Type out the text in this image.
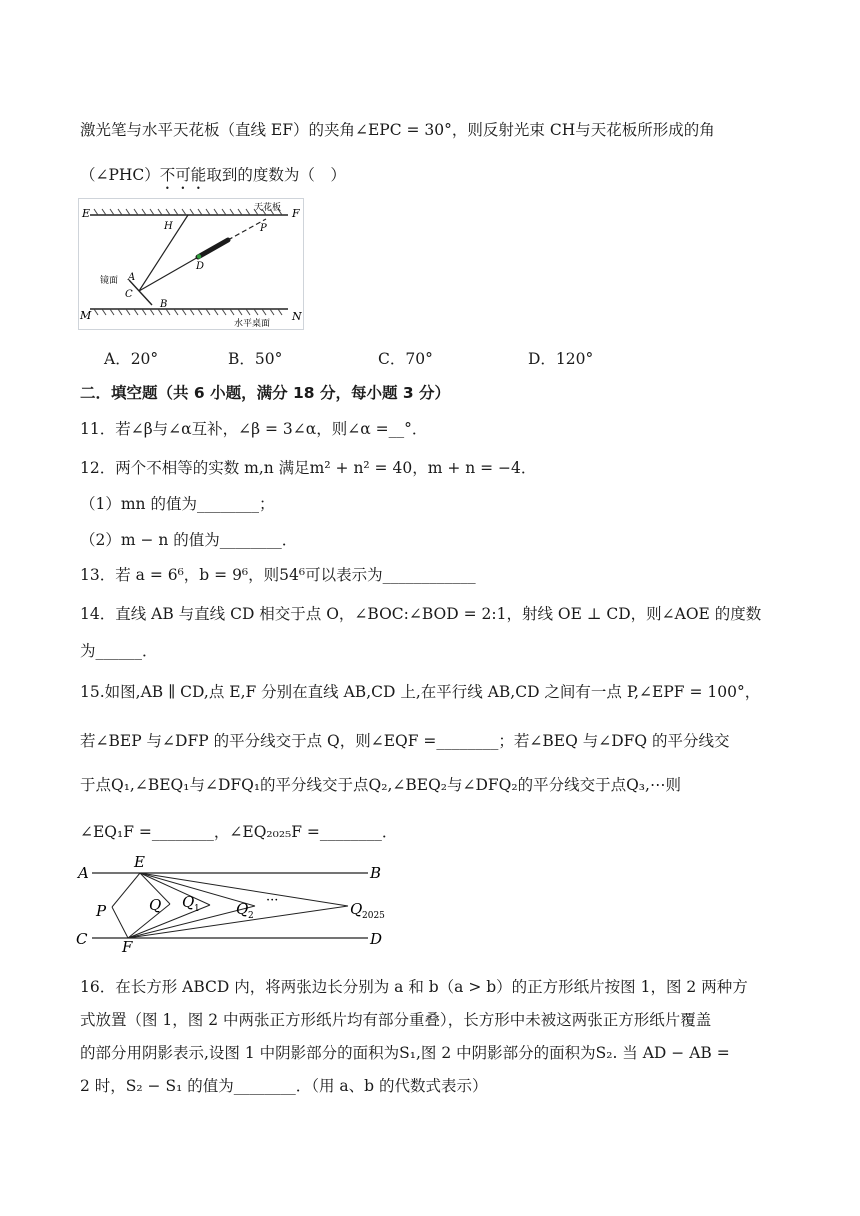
激光笔与水平天花板（直线 EF）的夹角∠EPC = 30°，则反射光束 CH与天花板所形成的角
（∠PHC）不可能取到的度数为（　）
E	F
天花板
H	P
D
镜面 A
C
B
M	N
水平桌面
A．20°	B．50°	C．70°	D．120°
二．填空题（共 6 小题，满分 18 分，每小题 3 分）
11．若∠β与∠α互补，∠β = 3∠α，则∠α =__°．
12．两个不相等的实数 m,n 满足m² + n² = 40，m + n = −4．
（1）mn 的值为________；
（2）m − n 的值为________．
13．若 a = 6⁶，b = 9⁶，则54⁶可以表示为____________
14．直线 AB 与直线 CD 相交于点 O，∠BOC:∠BOD = 2:1，射线 OE ⊥ CD，则∠AOE 的度数
为______．
15.如图,AB ∥ CD,点 E,F 分别在直线 AB,CD 上,在平行线 AB,CD 之间有一点 P,∠EPF = 100°，
若∠BEP 与∠DFP 的平分线交于点 Q，则∠EQF =________；若∠BEQ 与∠DFQ 的平分线交
于点Q₁,∠BEQ₁与∠DFQ₁的平分线交于点Q₂,∠BEQ₂与∠DFQ₂的平分线交于点Q₃,⋯则
∠EQ₁F =________，∠EQ₂₀₂₅F =________．
A	B
C	D
E
F
P	Q Q 1 Q 2
···	Q 2025
16．在长方形 ABCD 内，将两张边长分别为 a 和 b（a > b）的正方形纸片按图 1，图 2 两种方
式放置（图 1，图 2 中两张正方形纸片均有部分重叠），长方形中未被这两张正方形纸片覆盖
的部分用阴影表示,设图 1 中阴影部分的面积为S₁,图 2 中阴影部分的面积为S₂. 当 AD − AB =
2 时，S₂ − S₁ 的值为________．（用 a、b 的代数式表示）
